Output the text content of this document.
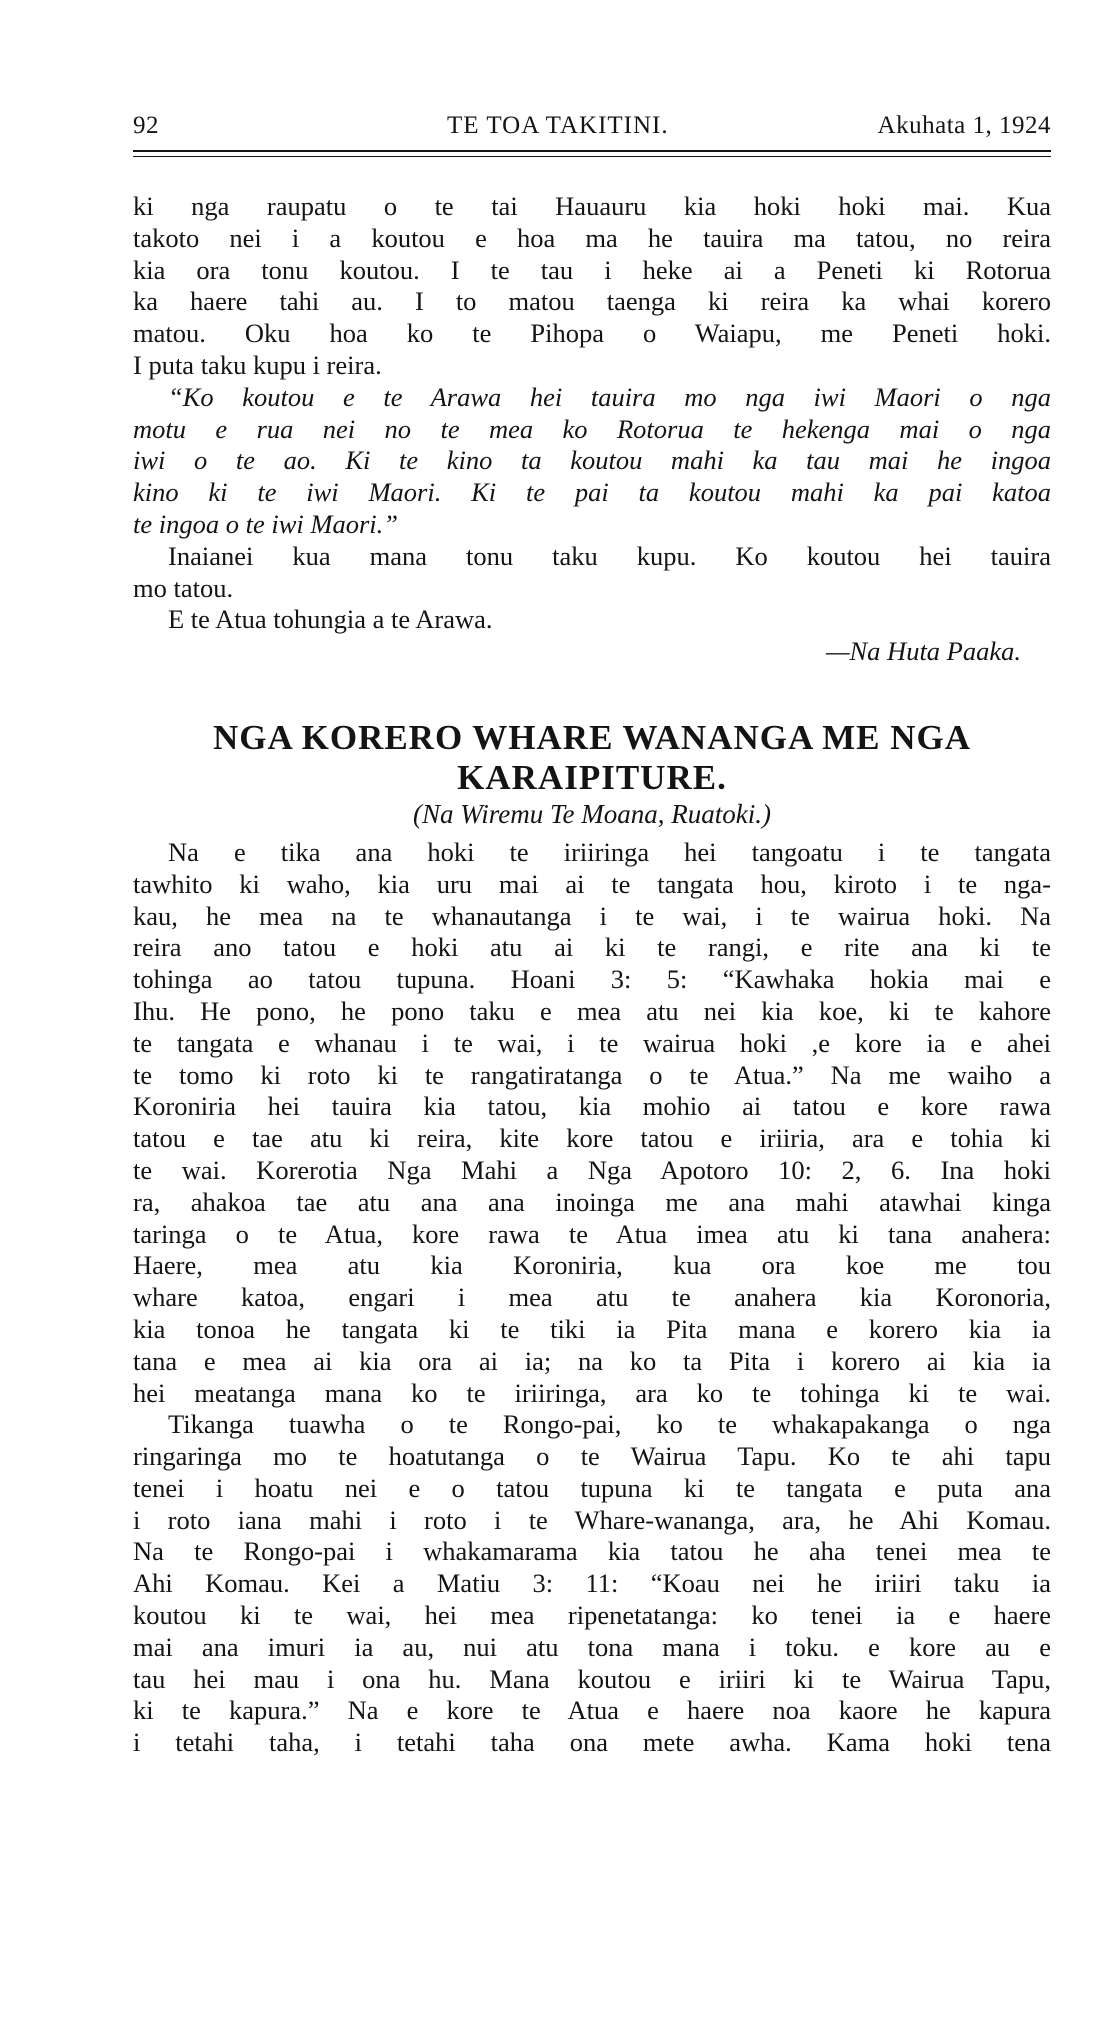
92	TE TOA TAKITINI.	Akuhata 1, 1924
ki nga raupatu o te tai Hauauru kia hoki hoki mai. Kua
takoto nei i a koutou e hoa ma he tauira ma tatou, no reira
kia ora tonu koutou. I te tau i heke ai a Peneti ki Rotorua
ka haere tahi au. I to matou taenga ki reira ka whai korero
matou. Oku hoa ko te Pihopa o Waiapu, me Peneti hoki.
I puta taku kupu i reira.
“Ko koutou e te Arawa hei tauira mo nga iwi Maori o nga
motu e rua nei no te mea ko Rotorua te hekenga mai o nga
iwi o te ao. Ki te kino ta koutou mahi ka tau mai he ingoa
kino ki te iwi Maori. Ki te pai ta koutou mahi ka pai katoa
te ingoa o te iwi Maori.”
Inaianei kua mana tonu taku kupu. Ko koutou hei tauira
mo tatou.
E te Atua tohungia a te Arawa.
—Na Huta Paaka.
NGA KORERO WHARE WANANGA ME NGA
KARAIPITURE.
(Na Wiremu Te Moana, Ruatoki.)
Na e tika ana hoki te iriiringa hei tangoatu i te tangata
tawhito ki waho, kia uru mai ai te tangata hou, kiroto i te nga-
kau, he mea na te whanautanga i te wai, i te wairua hoki. Na
reira ano tatou e hoki atu ai ki te rangi, e rite ana ki te
tohinga ao tatou tupuna. Hoani 3: 5: “Kawhaka hokia mai e
Ihu. He pono, he pono taku e mea atu nei kia koe, ki te kahore
te tangata e whanau i te wai, i te wairua hoki ,e kore ia e ahei
te tomo ki roto ki te rangatiratanga o te Atua.” Na me waiho a
Koroniria hei tauira kia tatou, kia mohio ai tatou e kore rawa
tatou e tae atu ki reira, kite kore tatou e iriiria, ara e tohia ki
te wai. Korerotia Nga Mahi a Nga Apotoro 10: 2, 6. Ina hoki
ra, ahakoa tae atu ana ana inoinga me ana mahi atawhai kinga
taringa o te Atua, kore rawa te Atua imea atu ki tana anahera:
Haere, mea atu kia Koroniria, kua ora koe me tou
whare katoa, engari i mea atu te anahera kia Koronoria,
kia tonoa he tangata ki te tiki ia Pita mana e korero kia ia
tana e mea ai kia ora ai ia; na ko ta Pita i korero ai kia ia
hei meatanga mana ko te iriiringa, ara ko te tohinga ki te wai.
Tikanga tuawha o te Rongo-pai, ko te whakapakanga o nga
ringaringa mo te hoatutanga o te Wairua Tapu. Ko te ahi tapu
tenei i hoatu nei e o tatou tupuna ki te tangata e puta ana
i roto iana mahi i roto i te Whare-wananga, ara, he Ahi Komau.
Na te Rongo-pai i whakamarama kia tatou he aha tenei mea te
Ahi Komau. Kei a Matiu 3: 11: “Koau nei he iriiri taku ia
koutou ki te wai, hei mea ripenetatanga: ko tenei ia e haere
mai ana imuri ia au, nui atu tona mana i toku. e kore au e
tau hei mau i ona hu. Mana koutou e iriiri ki te Wairua Tapu,
ki te kapura.” Na e kore te Atua e haere noa kaore he kapura
i tetahi taha, i tetahi taha ona mete awha. Kama hoki tena
